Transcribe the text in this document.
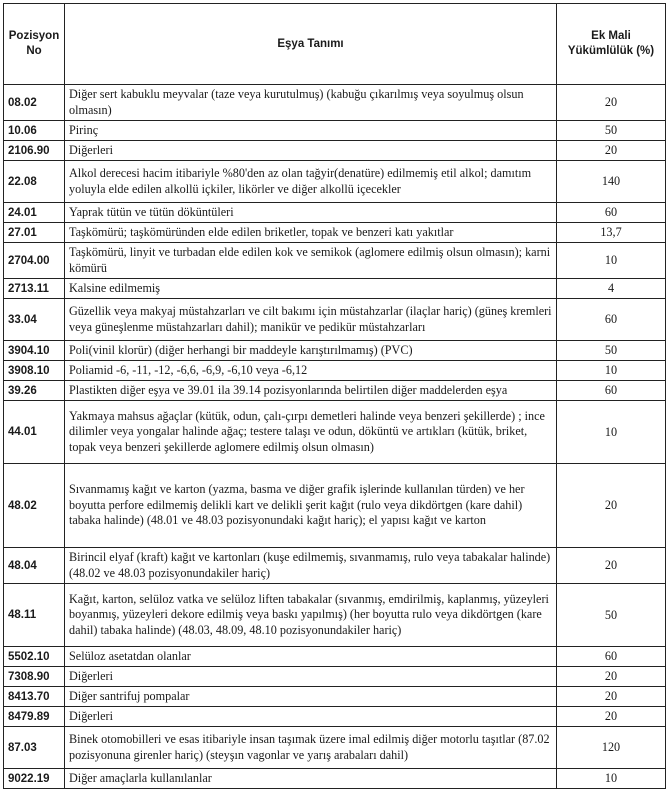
Pozisyon No	Eşya Tanımı	Ek Mali Yükümlülük (%)
08.02	Diğer sert kabuklu meyvalar (taze veya kurutulmuş) (kabuğu çıkarılmış veya soyulmuş olsun olmasın)	20
10.06	Pirinç	50
2106.90	Diğerleri	20
22.08	Alkol derecesi hacim itibariyle %80'den az olan tağyir(denatüre) edilmemiş etil alkol; damıtım yoluyla elde edilen alkollü içkiler, likörler ve diğer alkollü içecekler	140
24.01	Yaprak tütün ve tütün döküntüleri	60
27.01	Taşkömürü; taşkömüründen elde edilen briketler, topak ve benzeri katı yakıtlar	13,7
2704.00	Taşkömürü, linyit ve turbadan elde edilen kok ve semikok (aglomere edilmiş olsun olmasın); karni kömürü	10
2713.11	Kalsine edilmemiş	4
33.04	Güzellik veya makyaj müstahzarları ve cilt bakımı için müstahzarlar (ilaçlar hariç) (güneş kremleri veya güneşlenme müstahzarları dahil); manikür ve pedikür müstahzarları	60
3904.10	Poli(vinil klorür) (diğer herhangi bir maddeyle karıştırılmamış) (PVC)	50
3908.10	Poliamid -6, -11, -12, -6,6, -6,9, -6,10 veya -6,12	10
39.26	Plastikten diğer eşya ve 39.01 ila 39.14 pozisyonlarında belirtilen diğer maddelerden eşya	60
44.01	Yakmaya mahsus ağaçlar (kütük, odun, çalı-çırpı demetleri halinde veya benzeri şekillerde) ; ince dilimler veya yongalar halinde ağaç; testere talaşı ve odun, döküntü ve artıkları (kütük, briket, topak veya benzeri şekillerde aglomere edilmiş olsun olmasın)	10
48.02	Sıvanmamış kağıt ve karton (yazma, basma ve diğer grafik işlerinde kullanılan türden) ve her boyutta perfore edilmemiş delikli kart ve delikli şerit kağıt (rulo veya dikdörtgen (kare dahil) tabaka halinde) (48.01 ve 48.03 pozisyonundaki kağıt hariç); el yapısı kağıt ve karton	20
48.04	Birincil elyaf (kraft) kağıt ve kartonları (kuşe edilmemiş, sıvanmamış, rulo veya tabakalar halinde) (48.02 ve 48.03 pozisyonundakiler hariç)	20
48.11	Kağıt, karton, selüloz vatka ve selüloz liften tabakalar (sıvanmış, emdirilmiş, kaplanmış, yüzeyleri boyanmış, yüzeyleri dekore edilmiş veya baskı yapılmış) (her boyutta rulo veya dikdörtgen (kare dahil) tabaka halinde) (48.03, 48.09, 48.10 pozisyonundakiler hariç)	50
5502.10	Selüloz asetatdan olanlar	60
7308.90	Diğerleri	20
8413.70	Diğer santrifuj pompalar	20
8479.89	Diğerleri	20
87.03	Binek otomobilleri ve esas itibariyle insan taşımak üzere imal edilmiş diğer motorlu taşıtlar (87.02 pozisyonuna girenler hariç) (steyşın vagonlar ve yarış arabaları dahil)	120
9022.19	Diğer amaçlarla kullanılanlar	10
